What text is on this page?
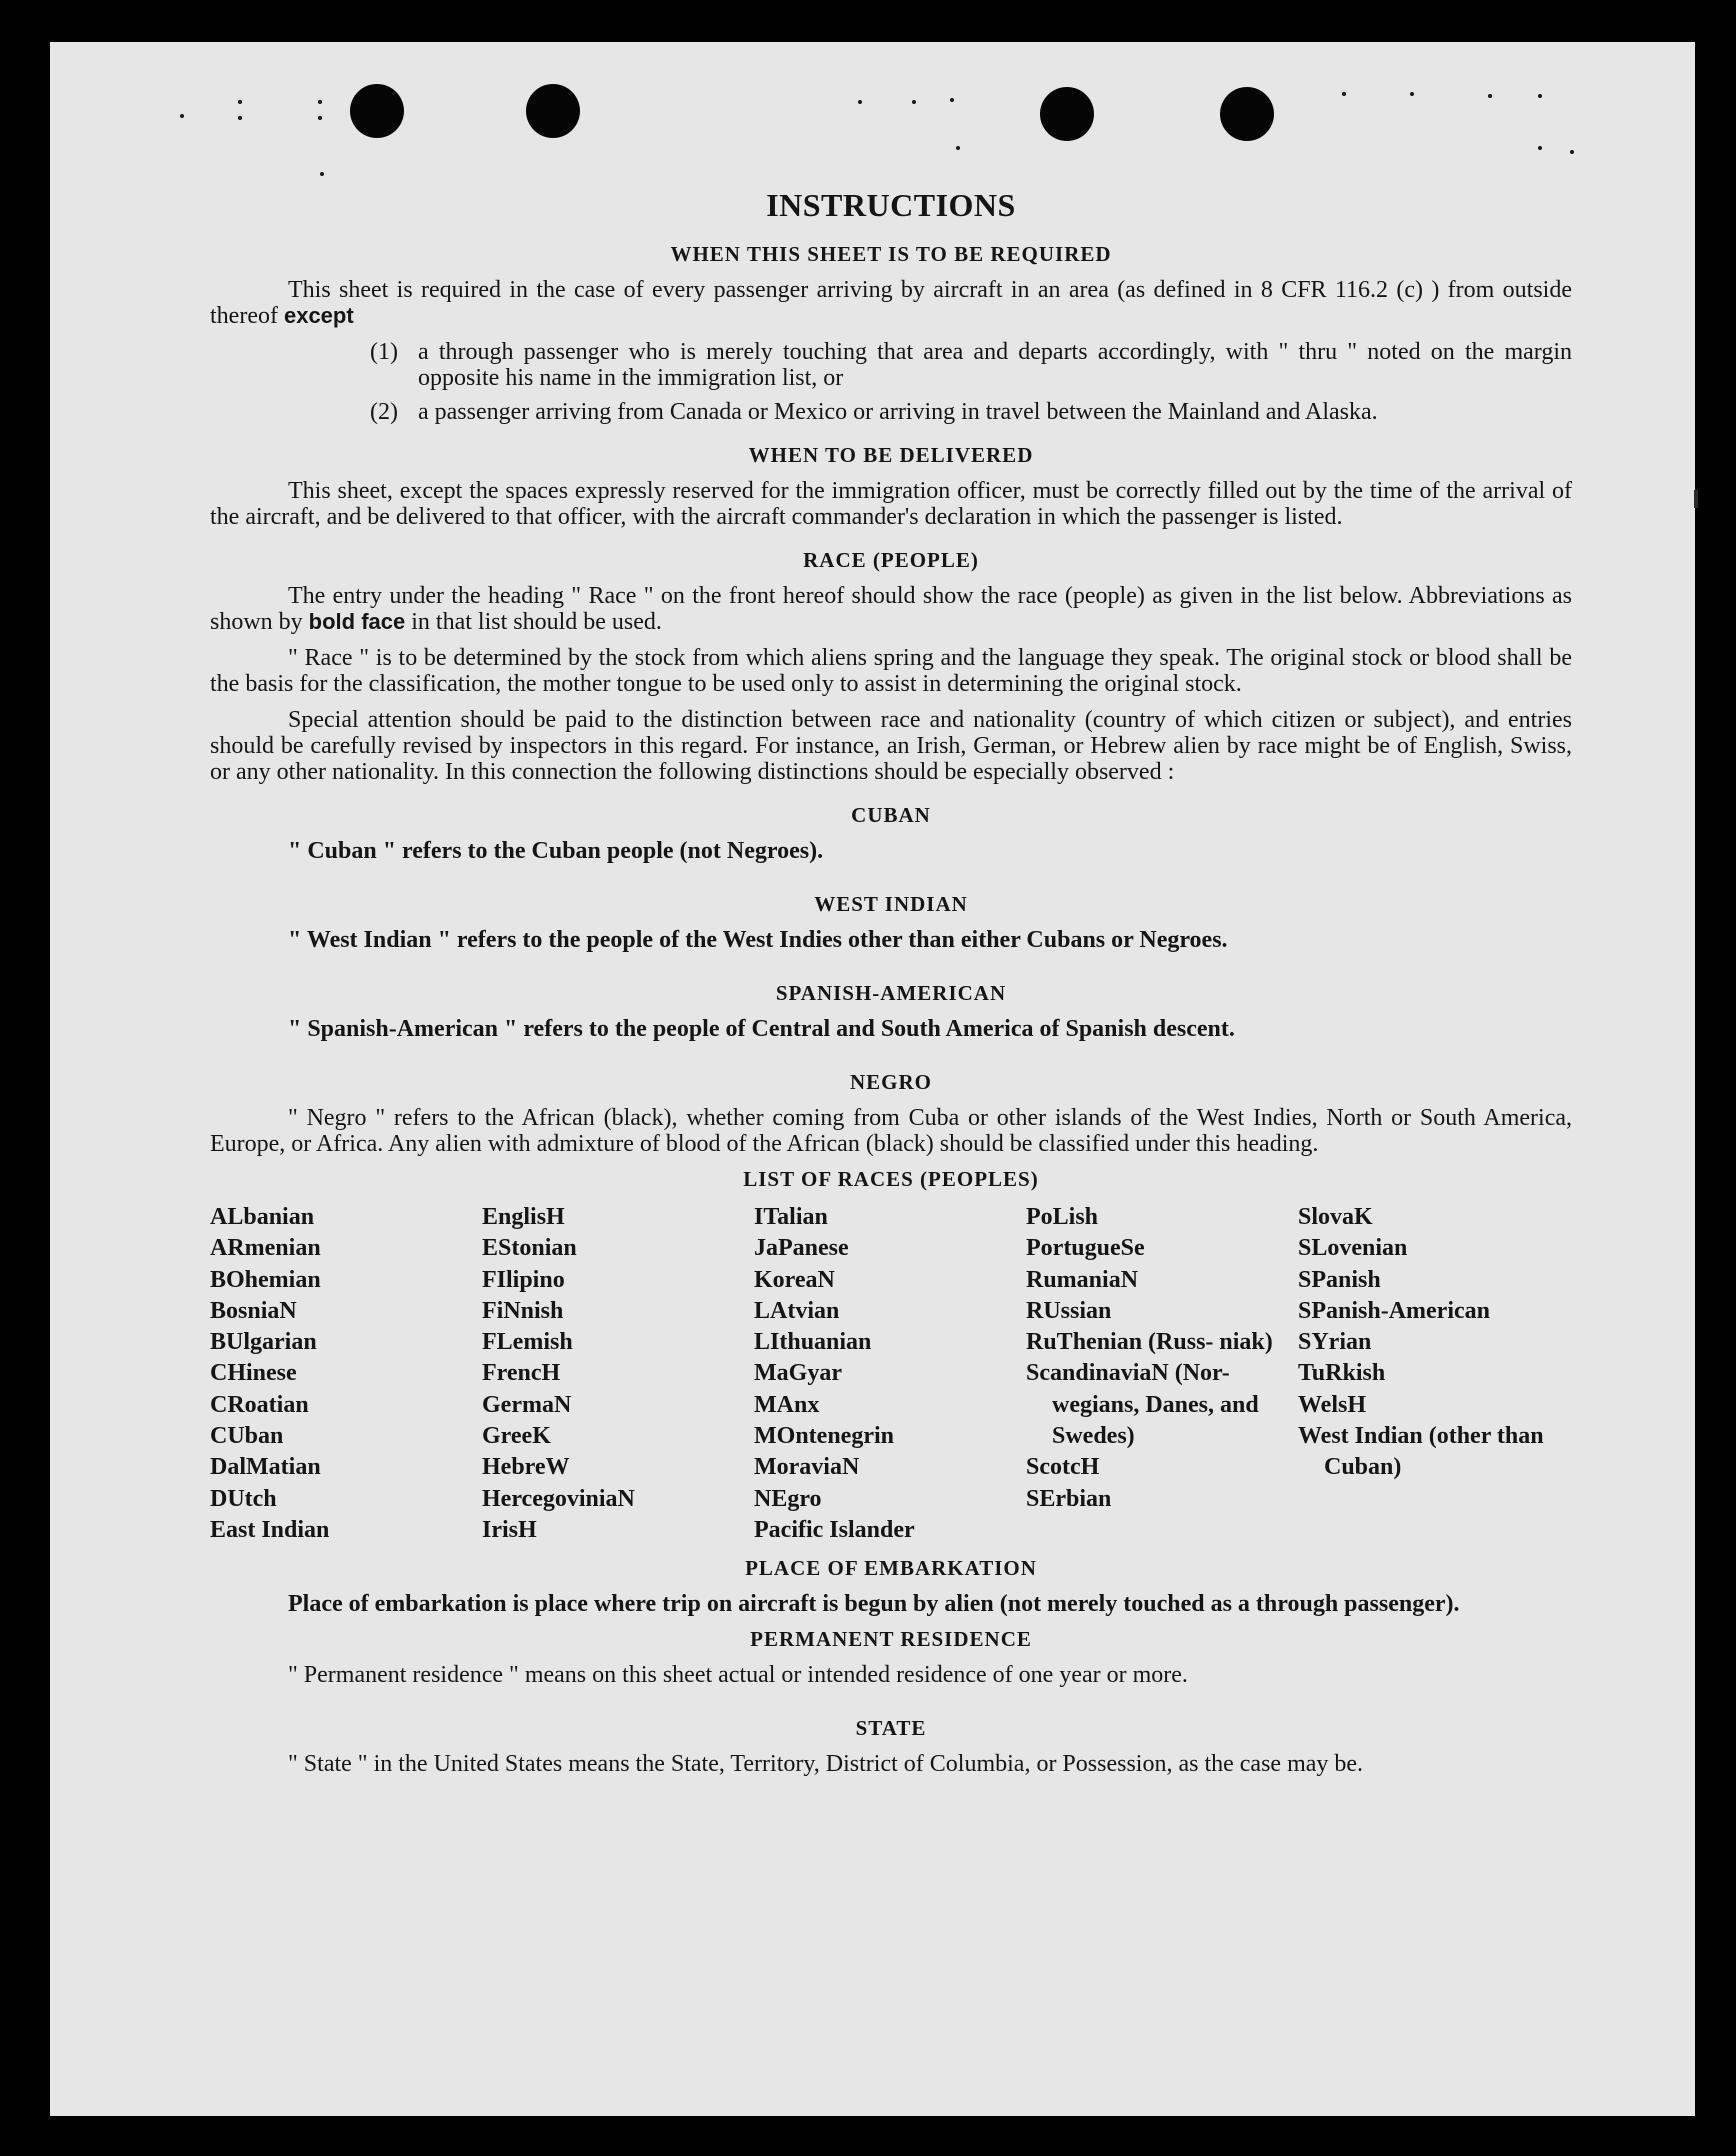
INSTRUCTIONS
WHEN THIS SHEET IS TO BE REQUIRED

This sheet is required in the case of every passenger arriving by aircraft in an area (as defined in 8 CFR 116.2 (c) ) from outside thereof except

(1) a through passenger who is merely touching that area and departs accordingly, with " thru " noted on the margin opposite his name in the immigration list, or
(2) a passenger arriving from Canada or Mexico or arriving in travel between the Mainland and Alaska.
WHEN TO BE DELIVERED

This sheet, except the spaces expressly reserved for the immigration officer, must be correctly filled out by the time of the arrival of the aircraft, and be delivered to that officer, with the aircraft commander's declaration in which the passenger is listed.

RACE (PEOPLE)

The entry under the heading " Race " on the front hereof should show the race (people) as given in the list below. Abbreviations as shown by bold face in that list should be used.

" Race " is to be determined by the stock from which aliens spring and the language they speak. The original stock or blood shall be the basis for the classification, the mother tongue to be used only to assist in determining the original stock.

Special attention should be paid to the distinction between race and nationality (country of which citizen or subject), and entries should be carefully revised by inspectors in this regard. For instance, an Irish, German, or Hebrew alien by race might be of English, Swiss, or any other nationality. In this connection the following distinctions should be especially observed :

CUBAN

" Cuban " refers to the Cuban people (not Negroes).

WEST INDIAN

" West Indian " refers to the people of the West Indies other than either Cubans or Negroes.

SPANISH-AMERICAN

" Spanish-American " refers to the people of Central and South America of Spanish descent.

NEGRO

" Negro " refers to the African (black), whether coming from Cuba or other islands of the West Indies, North or South America, Europe, or Africa. Any alien with admixture of blood of the African (black) should be classified under this heading.

LIST OF RACES (PEOPLES)
ALbanian
ARmenian
BOhemian
BosniaN
BUlgarian
CHinese
CRoatian
CUban
DalMatian
DUtch
East Indian
EnglisH
EStonian
FIlipino
FiNnish
FLemish
FrencH
GermaN
GreeK
HebreW
HercegovinіaN
IrisH
ITalian
JaPanese
KoreaN
LAtvian
LIthuanian
MaGyar
MAnx
MOntenegrin
MoraviaN
NEgro
Pacific Islander
PoLish
PortugueSe
RumaniaN
RUssian
RuThenian (Russ- niak)
ScandinaviaN (Nor- wegians, Danes, and Swedes)
ScotcH
SErbian
SlovaK
SLovenian
SPanish
SPanish-American
SYrian
TuRkish
WelsH
West Indian (other than Cuban)
PLACE OF EMBARKATION

Place of embarkation is place where trip on aircraft is begun by alien (not merely touched as a through passenger).

PERMANENT RESIDENCE

" Permanent residence " means on this sheet actual or intended residence of one year or more.

STATE

" State " in the United States means the State, Territory, District of Columbia, or Possession, as the case may be.
